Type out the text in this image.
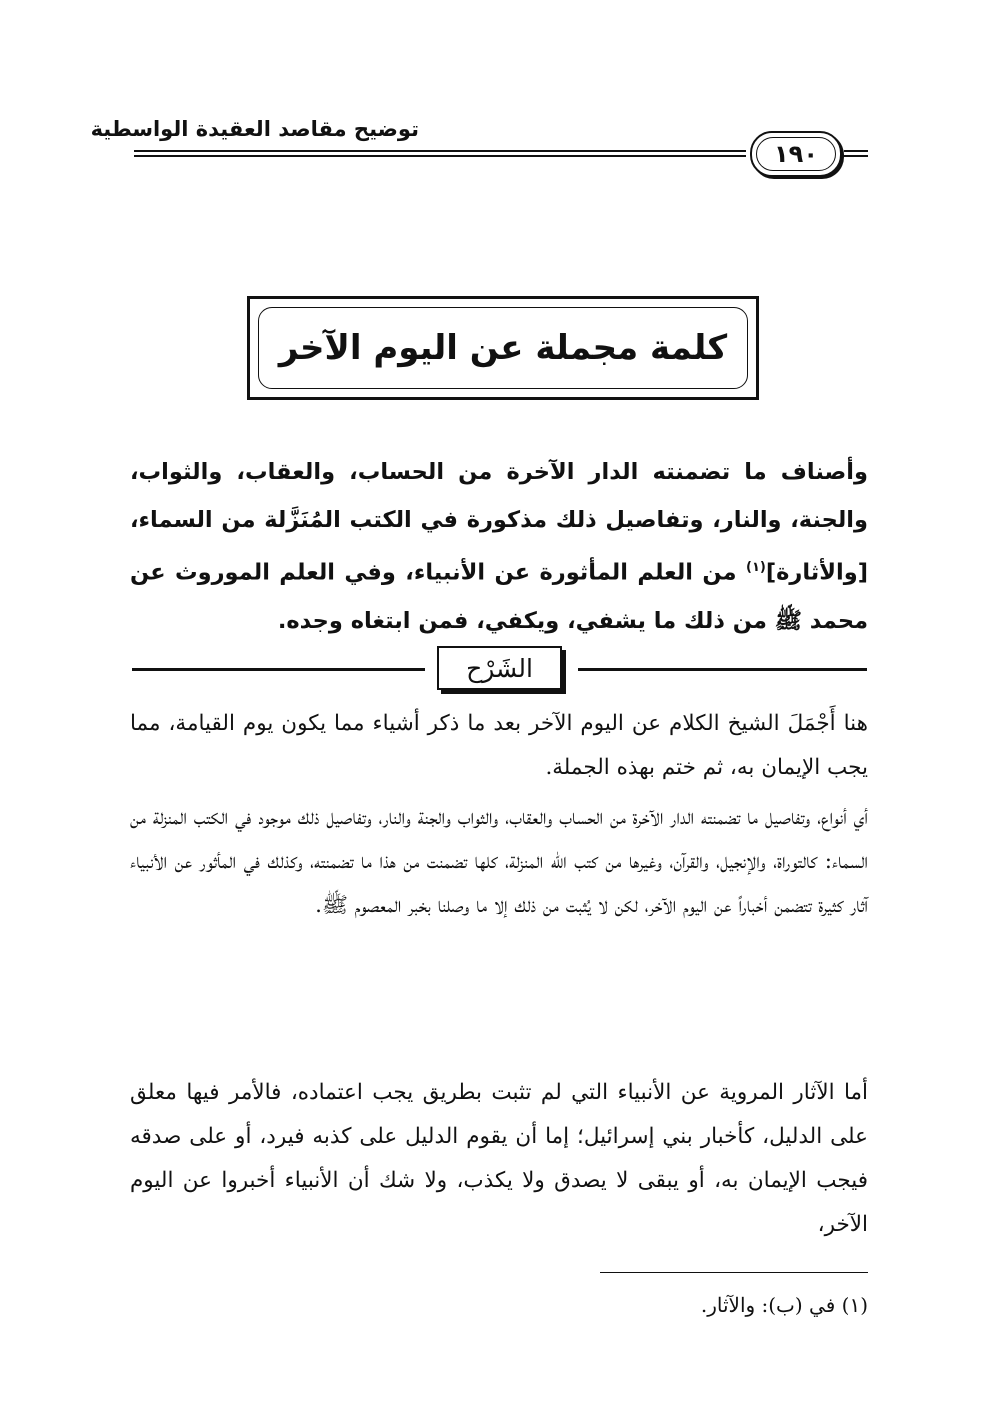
توضيح مقاصد العقيدة الواسطية
١٩٠
كلمة مجملة عن اليوم الآخر
وأصناف ما تضمنته الدار الآخرة من الحساب، والعقاب، والثواب، والجنة، والنار، وتفاصيل ذلك مذكورة في الكتب المُنَزَّلة من السماء، [والأثارة]$^{(١)}$ من العلم المأثورة عن الأنبياء، وفي العلم الموروث عن محمد ﷺ من ذلك ما يشفي، ويكفي، فمن ابتغاه وجده.
الشَرْح

هنا أَجْمَلَ الشيخ الكلام عن اليوم الآخر بعد ما ذكر أشياء مما يكون يوم القيامة، مما يجب الإيمان به، ثم ختم بهذه الجملة.

أي أنواع، وتفاصيل ما تضمنته الدار الآخرة من الحساب والعقاب، والثواب والجنة والنار، وتفاصيل ذلك موجود في الكتب المنزلة من السماء: كالتوراة، والإنجيل، والقرآن، وغيرها من كتب الله المنزلة، كلها تضمنت من هذا ما تضمنته، وكذلك في المأثور عن الأنبياء آثار كثيرة تتضمن أخباراً عن اليوم الآخر، لكن لا يُثبت من ذلك إلا ما وصلنا بخبر المعصوم ﷺ.

أما الآثار المروية عن الأنبياء التي لم تثبت بطريق يجب اعتماده، فالأمر فيها معلق على الدليل، كأخبار بني إسرائيل؛ إما أن يقوم الدليل على كذبه فيرد، أو على صدقه فيجب الإيمان به، أو يبقى لا يصدق ولا يكذب، ولا شك أن الأنبياء أخبروا عن اليوم الآخر،

(١) في (ب): والآثار.
